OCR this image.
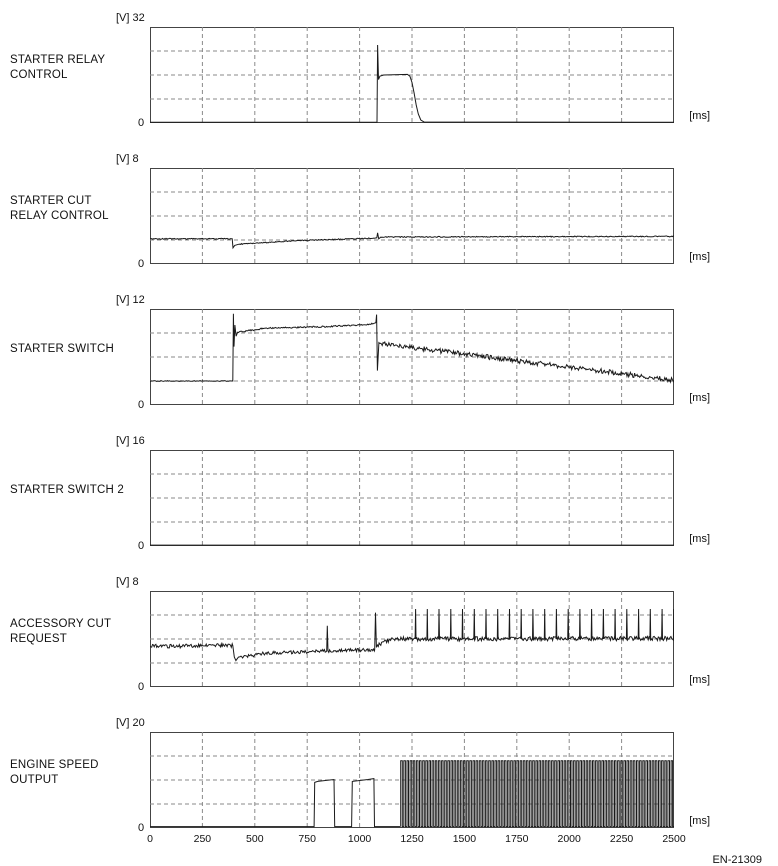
STARTER RELAY CONTROL
[V] 32
0
[ms]
STARTER CUT RELAY CONTROL
[V] 8
0
[ms]
STARTER SWITCH
[V] 12
0
[ms]
STARTER SWITCH 2
[V] 16
0
[ms]
ACCESSORY CUT REQUEST
[V] 8
0
[ms]
ENGINE SPEED OUTPUT
[V] 20
0
[ms]
0	250	500	750	1000	1250	1500	1750	2000	2250	2500
EN-21309
